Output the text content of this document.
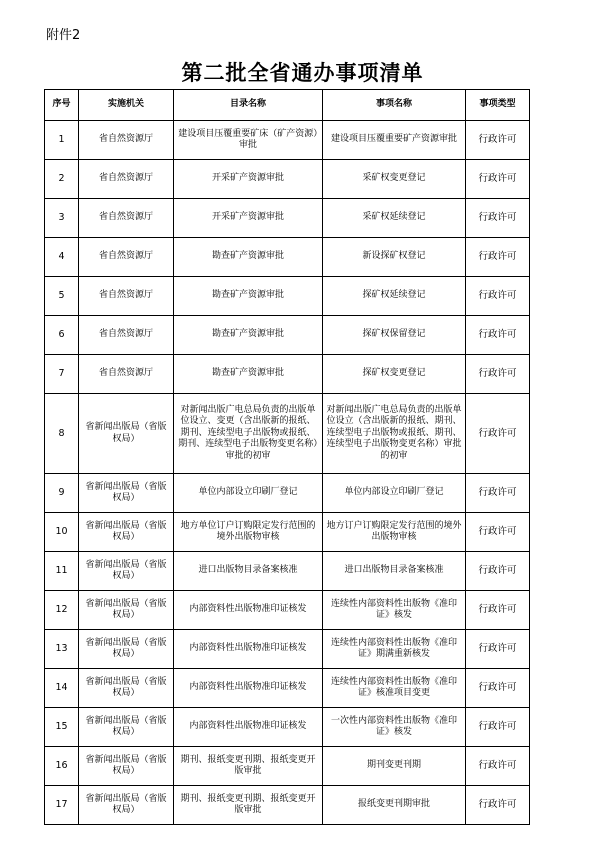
附件2
第二批全省通办事项清单
序号	实施机关	目录名称	事项名称	事项类型
1	省自然资源厅	建设项目压覆重要矿床（矿产资源）审批	建设项目压覆重要矿产资源审批	行政许可
2	省自然资源厅	开采矿产资源审批	采矿权变更登记	行政许可
3	省自然资源厅	开采矿产资源审批	采矿权延续登记	行政许可
4	省自然资源厅	勘查矿产资源审批	新设探矿权登记	行政许可
5	省自然资源厅	勘查矿产资源审批	探矿权延续登记	行政许可
6	省自然资源厅	勘查矿产资源审批	探矿权保留登记	行政许可
7	省自然资源厅	勘查矿产资源审批	探矿权变更登记	行政许可
8	省新闻出版局（省版权局）	对新闻出版广电总局负责的出版单位设立、变更（含出版新的报纸、期刊、连续型电子出版物或报纸、期刊、连续型电子出版物变更名称）审批的初审	对新闻出版广电总局负责的出版单位设立（含出版新的报纸、期刊、连续型电子出版物或报纸、期刊、连续型电子出版物变更名称）审批的初审	行政许可
9	省新闻出版局（省版权局）	单位内部设立印刷厂登记	单位内部设立印刷厂登记	行政许可
10	省新闻出版局（省版权局）	地方单位订户订购限定发行范围的境外出版物审核	地方订户订购限定发行范围的境外出版物审核	行政许可
11	省新闻出版局（省版权局）	进口出版物目录备案核准	进口出版物目录备案核准	行政许可
12	省新闻出版局（省版权局）	内部资料性出版物准印证核发	连续性内部资料性出版物《准印证》核发	行政许可
13	省新闻出版局（省版权局）	内部资料性出版物准印证核发	连续性内部资料性出版物《准印证》期满重新核发	行政许可
14	省新闻出版局（省版权局）	内部资料性出版物准印证核发	连续性内部资料性出版物《准印证》核准项目变更	行政许可
15	省新闻出版局（省版权局）	内部资料性出版物准印证核发	一次性内部资料性出版物《准印证》核发	行政许可
16	省新闻出版局（省版权局）	期刊、报纸变更刊期、报纸变更开版审批	期刊变更刊期	行政许可
17	省新闻出版局（省版权局）	期刊、报纸变更刊期、报纸变更开版审批	报纸变更刊期审批	行政许可
